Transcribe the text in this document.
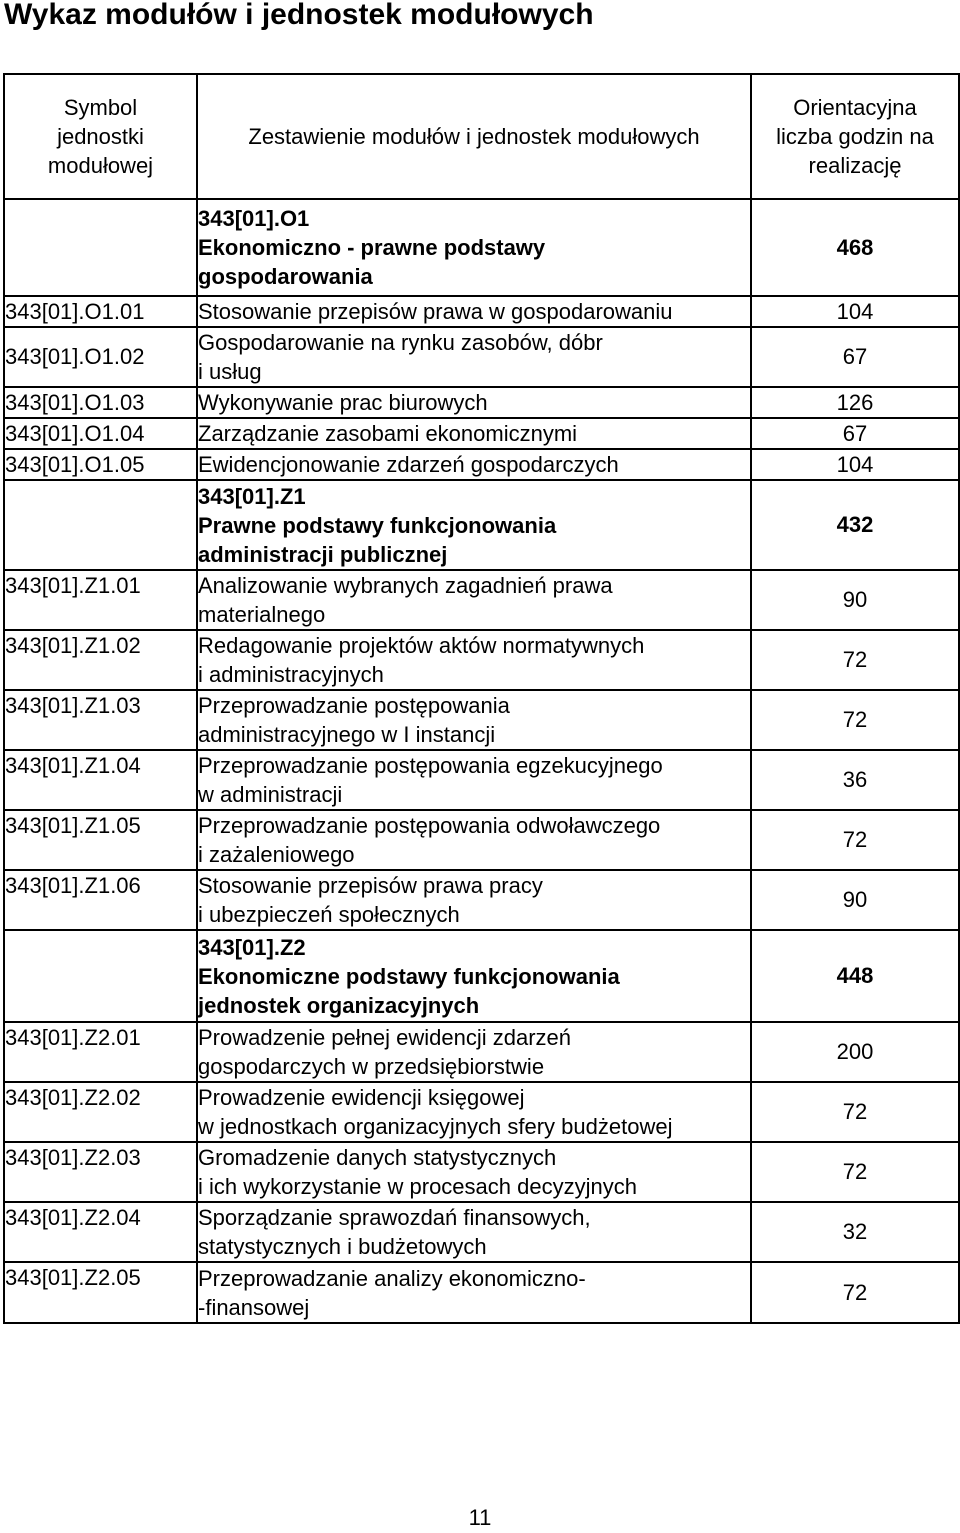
Wykaz modułów i jednostek modułowych
Symbol
jednostki
modułowej	Zestawienie modułów i jednostek modułowych	Orientacyjna
liczba godzin na
realizację

	343[01].O1
Ekonomiczno - prawne podstawy
gospodarowania	468
343[01].O1.01	Stosowanie przepisów prawa w gospodarowaniu	104
343[01].O1.02	Gospodarowanie na rynku zasobów, dóbr
i usług	67
343[01].O1.03	Wykonywanie prac biurowych	126
343[01].O1.04	Zarządzanie zasobami ekonomicznymi	67
343[01].O1.05	Ewidencjonowanie zdarzeń gospodarczych	104

	343[01].Z1
Prawne podstawy funkcjonowania
administracji publicznej	432
343[01].Z1.01	Analizowanie wybranych zagadnień prawa
materialnego	90
343[01].Z1.02	Redagowanie projektów aktów normatywnych
i administracyjnych	72
343[01].Z1.03	Przeprowadzanie postępowania
administracyjnego w I instancji	72
343[01].Z1.04	Przeprowadzanie postępowania egzekucyjnego
w administracji	36
343[01].Z1.05	Przeprowadzanie postępowania odwoławczego
i zażaleniowego	72
343[01].Z1.06	Stosowanie przepisów prawa pracy
i ubezpieczeń społecznych	90

	343[01].Z2
Ekonomiczne podstawy funkcjonowania
jednostek organizacyjnych	448
343[01].Z2.01	Prowadzenie pełnej ewidencji zdarzeń
gospodarczych w przedsiębiorstwie	200
343[01].Z2.02	Prowadzenie ewidencji księgowej
w jednostkach organizacyjnych sfery budżetowej	72
343[01].Z2.03	Gromadzenie danych statystycznych
i ich wykorzystanie w procesach decyzyjnych	72
343[01].Z2.04	Sporządzanie sprawozdań finansowych,
statystycznych i budżetowych	32
343[01].Z2.05	Przeprowadzanie analizy ekonomiczno-
-finansowej	72
11
